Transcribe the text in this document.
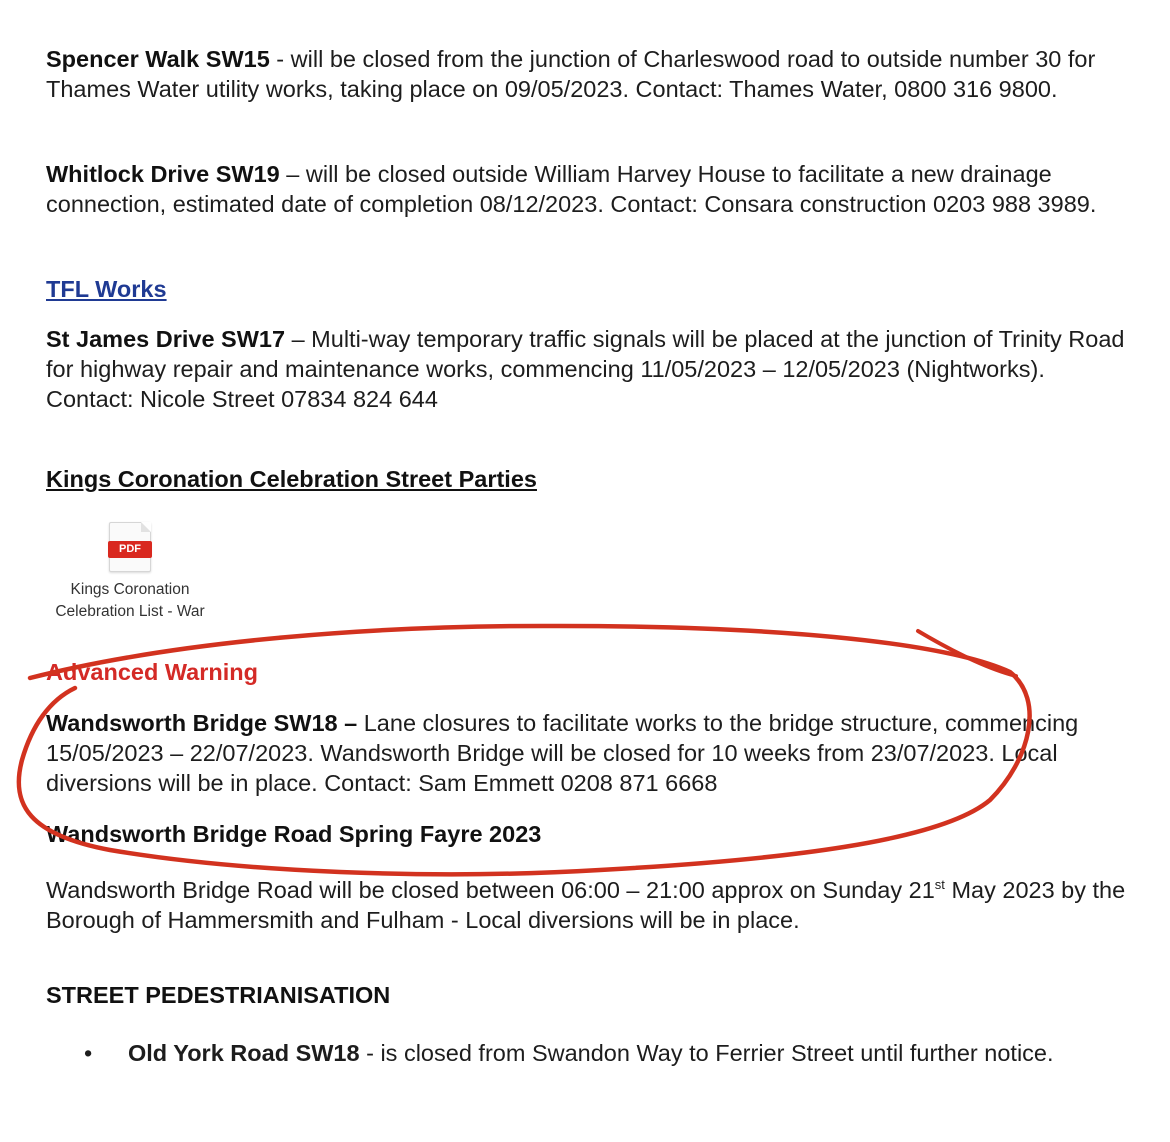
Spencer Walk SW15 - will be closed from the junction of Charleswood road to outside number 30 for Thames Water utility works, taking place on 09/05/2023. Contact: Thames Water, 0800 316 9800.

Whitlock Drive SW19 – will be closed outside William Harvey House to facilitate a new drainage connection, estimated date of completion 08/12/2023. Contact: Consara construction 0203 988 3989.

TFL Works

St James Drive SW17 – Multi-way temporary traffic signals will be placed at the junction of Trinity Road for highway repair and maintenance works, commencing 11/05/2023 – 12/05/2023 (Nightworks). Contact: Nicole Street 07834 824 644

Kings Coronation Celebration Street Parties
PDF
Kings Coronation
Celebration List - War
Advanced Warning

Wandsworth Bridge SW18 – Lane closures to facilitate works to the bridge structure, commencing 15/05/2023 – 22/07/2023. Wandsworth Bridge will be closed for 10 weeks from 23/07/2023. Local diversions will be in place. Contact: Sam Emmett 0208 871 6668

Wandsworth Bridge Road Spring Fayre 2023

Wandsworth Bridge Road will be closed between 06:00 – 21:00 approx on Sunday 21st May 2023 by the Borough of Hammersmith and Fulham - Local diversions will be in place.

STREET PEDESTRIANISATION
• Old York Road SW18 - is closed from Swandon Way to Ferrier Street until further notice.
